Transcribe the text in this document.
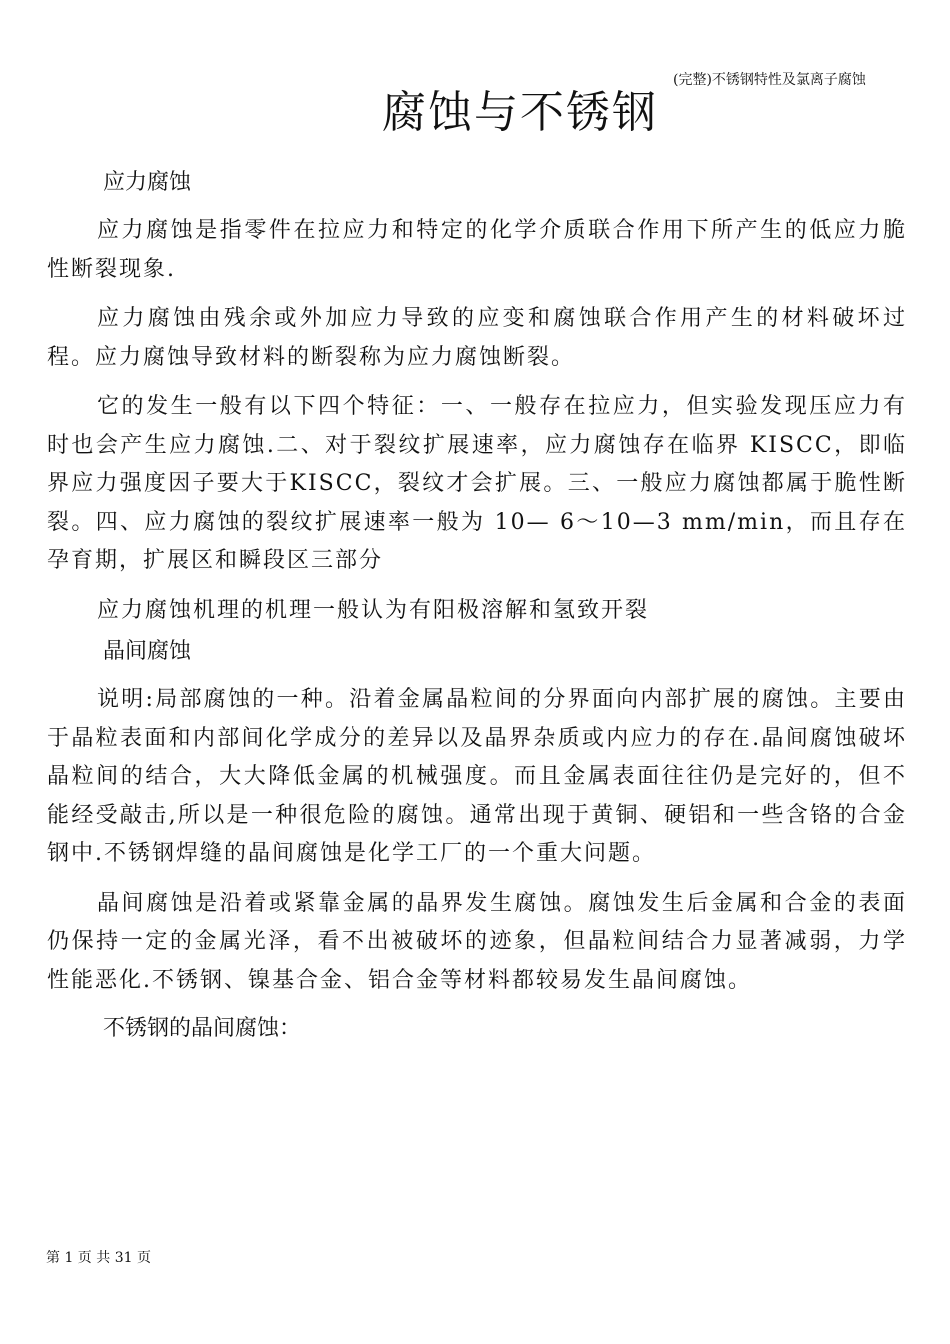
(完整)不锈钢特性及氯离子腐蚀
腐蚀与不锈钢
应力腐蚀

应力腐蚀是指零件在拉应力和特定的化学介质联合作用下所产生的低应力脆性断裂现象.

应力腐蚀由残余或外加应力导致的应变和腐蚀联合作用产生的材料破坏过程。应力腐蚀导致材料的断裂称为应力腐蚀断裂。

它的发生一般有以下四个特征：一、一般存在拉应力，但实验发现压应力有时也会产生应力腐蚀.二、对于裂纹扩展速率，应力腐蚀存在临界 KISCC，即临界应力强度因子要大于KISCC，裂纹才会扩展。三、一般应力腐蚀都属于脆性断裂。四、应力腐蚀的裂纹扩展速率一般为 10— 6～10—3 mm/min，而且存在孕育期，扩展区和瞬段区三部分

应力腐蚀机理的机理一般认为有阳极溶解和氢致开裂

晶间腐蚀

说明:局部腐蚀的一种。沿着金属晶粒间的分界面向内部扩展的腐蚀。主要由于晶粒表面和内部间化学成分的差异以及晶界杂质或内应力的存在.晶间腐蚀破坏晶粒间的结合，大大降低金属的机械强度。而且金属表面往往仍是完好的，但不能经受敲击,所以是一种很危险的腐蚀。通常出现于黄铜、硬铝和一些含铬的合金钢中.不锈钢焊缝的晶间腐蚀是化学工厂的一个重大问题。

晶间腐蚀是沿着或紧靠金属的晶界发生腐蚀。腐蚀发生后金属和合金的表面仍保持一定的金属光泽，看不出被破坏的迹象，但晶粒间结合力显著减弱，力学性能恶化.不锈钢、镍基合金、铝合金等材料都较易发生晶间腐蚀。

不锈钢的晶间腐蚀：
第 1 页 共 31 页
